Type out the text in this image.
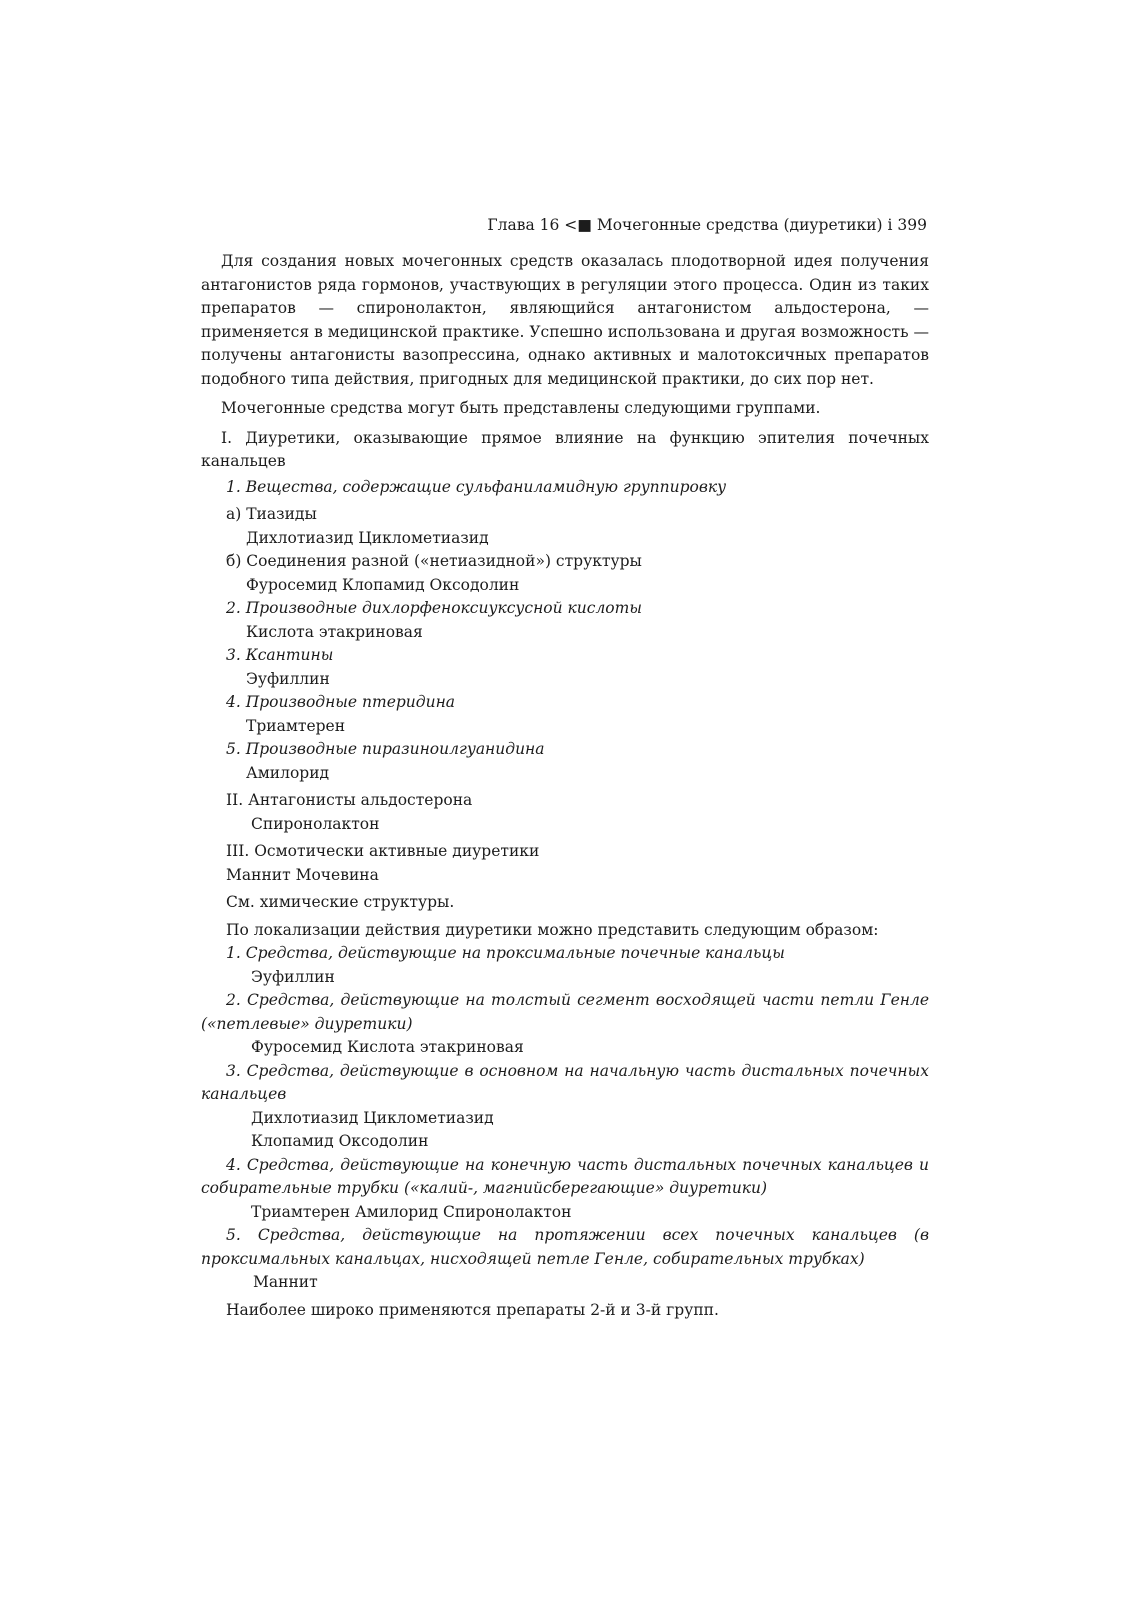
Глава 16 <■ Мочегонные средства (диуретики) і 399

Для создания новых мочегонных средств оказалась плодотворной идея получения антагонистов ряда гормонов, участвующих в регуляции этого процесса. Один из таких препаратов — спиронолактон, являющийся антагонистом альдостерона, — применяется в медицинской практике. Успешно использована и другая возможность — получены антагонисты вазопрессина, однако активных и малотоксичных препаратов подобного типа действия, пригодных для медицинской практики, до сих пор нет.

Мочегонные средства могут быть представлены следующими группами.

I. Диуретики, оказывающие прямое влияние на функцию эпителия почечных канальцев

1. Вещества, содержащие сульфаниламидную группировку

а) Тиазиды

Дихлотиазид Циклометиазид

б) Соединения разной («нетиазидной») структуры

Фуросемид Клопамид Оксодолин

2. Производные дихлорфеноксиуксусной кислоты

Кислота этакриновая

3. Ксантины

Эуфиллин

4. Производные птеридина

Триамтерен

5. Производные пиразиноилгуанидина

Амилорид

II. Антагонисты альдостерона

Спиронолактон

III. Осмотически активные диуретики

Маннит Мочевина

См. химические структуры.

По локализации действия диуретики можно представить следующим образом:

1. Средства, действующие на проксимальные почечные канальцы

Эуфиллин

2. Средства, действующие на толстый сегмент восходящей части петли Генле («петлевые» диуретики)

Фуросемид Кислота этакриновая

3. Средства, действующие в основном на начальную часть дистальных почечных канальцев

Дихлотиазид Циклометиазид

Клопамид Оксодолин

4. Средства, действующие на конечную часть дистальных почечных канальцев и собирательные трубки («калий-, магнийсберегающие» диуретики)

Триамтерен Амилорид Спиронолактон

5. Средства, действующие на протяжении всех почечных канальцев (в проксимальных канальцах, нисходящей петле Генле, собирательных трубках)

Маннит

Наиболее широко применяются препараты 2-й и 3-й групп.
